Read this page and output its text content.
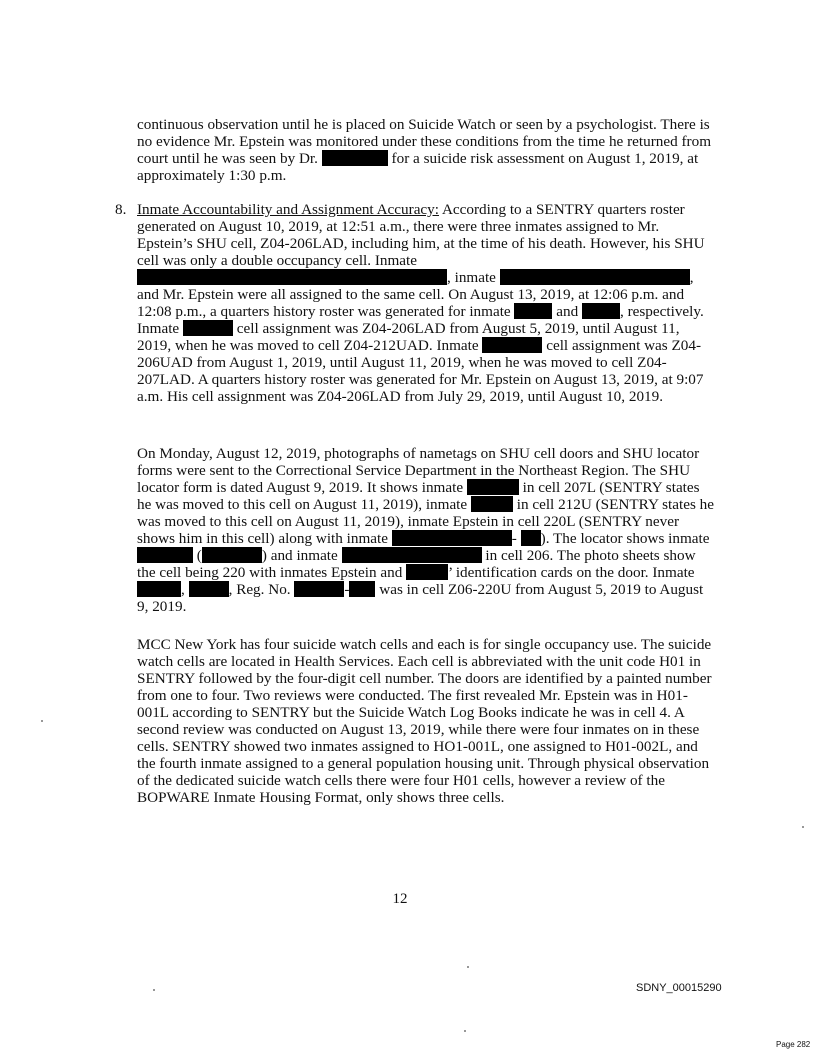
continuous observation until he is placed on Suicide Watch or seen by a psychologist. There is no evidence Mr. Epstein was monitored under these conditions from the time he returned from court until he was seen by Dr.	for a suicide risk assessment on August 1, 2019, at approximately 1:30 p.m.

8. Inmate Accountability and Assignment Accuracy: According to a SENTRY quarters roster generated on August 10, 2019, at 12:51 a.m., there were three inmates assigned to Mr. Epstein’s SHU cell, Z04-206LAD, including him, at the time of his death. However, his SHU cell was only a double occupancy cell. Inmate , inmate	, and Mr. Epstein were all assigned to the same cell. On August 13, 2019, at 12:06 p.m. and 12:08 p.m., a quarters history roster was generated for inmate	and	, respectively. Inmate	cell assignment was Z04-206LAD from August 5, 2019, until August 11, 2019, when he was moved to cell Z04-212UAD. Inmate	cell assignment was Z04-206UAD from August 1, 2019, until August 11, 2019, when he was moved to cell Z04-207LAD. A quarters history roster was generated for Mr. Epstein on August 13, 2019, at 9:07 a.m. His cell assignment was Z04-206LAD from July 29, 2019, until August 10, 2019.

On Monday, August 12, 2019, photographs of nametags on SHU cell doors and SHU locator forms were sent to the Correctional Service Department in the Northeast Region. The SHU locator form is dated August 9, 2019. It shows inmate	in cell 207L (SENTRY states he was moved to this cell on August 11, 2019), inmate	in cell 212U (SENTRY states he was moved to this cell on August 11, 2019), inmate Epstein in cell 220L (SENTRY never shows him in this cell) along with inmate	- ). The locator shows inmate  (	) and inmate	in cell 206. The photo sheets show the cell being 220 with inmates Epstein and	’ identification cards on the door. Inmate ,	, Reg. No.	- was in cell Z06-220U from August 5, 2019 to August 9, 2019.

MCC New York has four suicide watch cells and each is for single occupancy use. The suicide watch cells are located in Health Services. Each cell is abbreviated with the unit code H01 in SENTRY followed by the four-digit cell number. The doors are identified by a painted number from one to four. Two reviews were conducted. The first revealed Mr. Epstein was in H01-001L according to SENTRY but the Suicide Watch Log Books indicate he was in cell 4. A second review was conducted on August 13, 2019, while there were four inmates on in these cells. SENTRY showed two inmates assigned to HO1-001L, one assigned to H01-002L, and the fourth inmate assigned to a general population housing unit. Through physical observation of the dedicated suicide watch cells there were four H01 cells, however a review of the BOPWARE Inmate Housing Format, only shows three cells.

12
SDNY_00015290
Page 282
